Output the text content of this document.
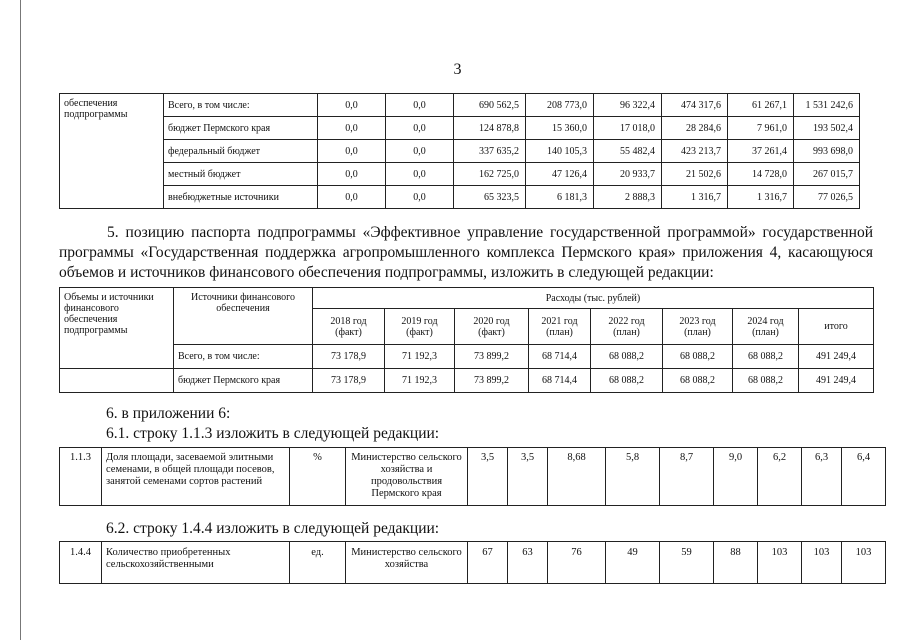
3
обеспечения подпрограммы	Всего, в том числе:	0,0	0,0	690 562,5	208 773,0	96 322,4	474 317,6	61 267,1	1 531 242,6
	бюджет Пермского края	0,0	0,0	124 878,8	15 360,0	17 018,0	28 284,6	7 961,0	193 502,4
	федеральный бюджет	0,0	0,0	337 635,2	140 105,3	55 482,4	423 213,7	37 261,4	993 698,0
	местный бюджет	0,0	0,0	162 725,0	47 126,4	20 933,7	21 502,6	14 728,0	267 015,7
	внебюджетные источники	0,0	0,0	65 323,5	6 181,3	2 888,3	1 316,7	1 316,7	77 026,5
5. позицию паспорта подпрограммы «Эффективное управление государственной программой» государственной программы «Государственная поддержка агропромышленного комплекса Пермского края» приложения 4, касающуюся объемов и источников финансового обеспечения подпрограммы, изложить в следующей редакции:
Объемы и источники финансового обеспечения подпрограммы	Источники финансового обеспечения	Расходы (тыс. рублей)							
		2018 год (факт)	2019 год (факт)	2020 год (факт)	2021 год (план)	2022 год (план)	2023 год (план)	2024 год (план)	итого
	Всего, в том числе:	73 178,9	71 192,3	73 899,2	68 714,4	68 088,2	68 088,2	68 088,2	491 249,4
	бюджет Пермского края	73 178,9	71 192,3	73 899,2	68 714,4	68 088,2	68 088,2	68 088,2	491 249,4
6. в приложении 6:
6.1. строку 1.1.3 изложить в следующей редакции:
1.1.3	Доля площади, засеваемой элитными семенами, в общей площади посевов, занятой семенами сортов растений	%	Министерство сельского хозяйства и продовольствия Пермского края	3,5	3,5	8,68	5,8	8,7	9,0	6,2	6,3	6,4
6.2. строку 1.4.4 изложить в следующей редакции:
1.4.4	Количество приобретенных сельскохозяйственными	ед.	Министерство сельского хозяйства	67	63	76	49	59	88	103	103	103
